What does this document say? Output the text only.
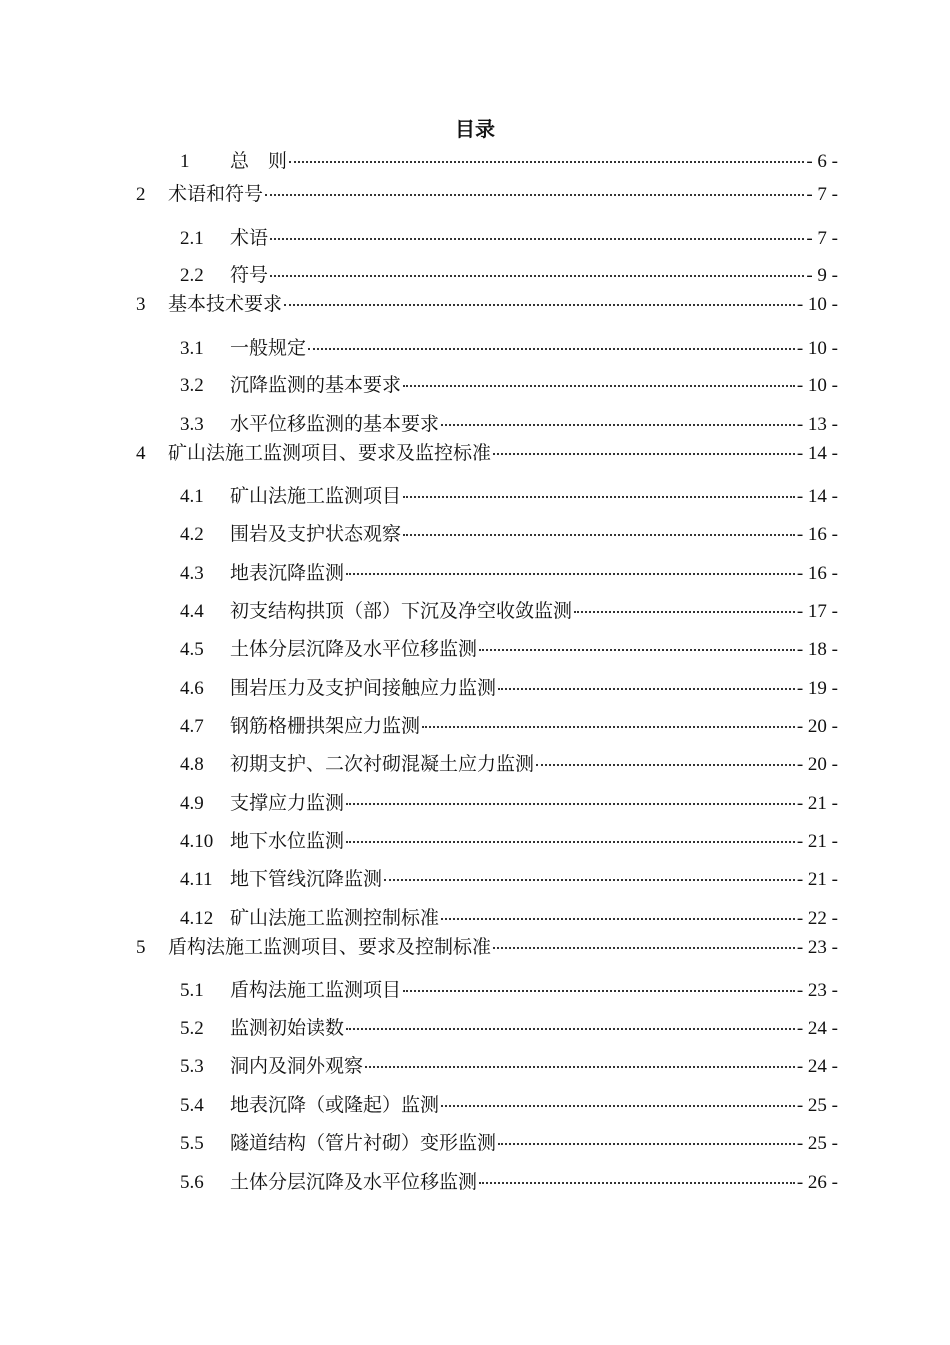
目录
1	总　则	- 6 -
2	术语和符号	- 7 -
2.1	术语	- 7 -
2.2	符号	- 9 -
3	基本技术要求	- 10 -
3.1	一般规定	- 10 -
3.2	沉降监测的基本要求	- 10 -
3.3	水平位移监测的基本要求	- 13 -
4	矿山法施工监测项目、要求及监控标准	- 14 -
4.1	矿山法施工监测项目	- 14 -
4.2	围岩及支护状态观察	- 16 -
4.3	地表沉降监测	- 16 -
4.4	初支结构拱顶（部）下沉及净空收敛监测	- 17 -
4.5	土体分层沉降及水平位移监测	- 18 -
4.6	围岩压力及支护间接触应力监测	- 19 -
4.7	钢筋格栅拱架应力监测	- 20 -
4.8	初期支护、二次衬砌混凝土应力监测	- 20 -
4.9	支撑应力监测	- 21 -
4.10 地下水位监测	- 21 -
4.11 地下管线沉降监测	- 21 -
4.12 矿山法施工监测控制标准	- 22 -
5	盾构法施工监测项目、要求及控制标准	- 23 -
5.1	盾构法施工监测项目	- 23 -
5.2	监测初始读数	- 24 -
5.3	洞内及洞外观察	- 24 -
5.4	地表沉降（或隆起）监测	- 25 -
5.5	隧道结构（管片衬砌）变形监测	- 25 -
5.6	土体分层沉降及水平位移监测	- 26 -
